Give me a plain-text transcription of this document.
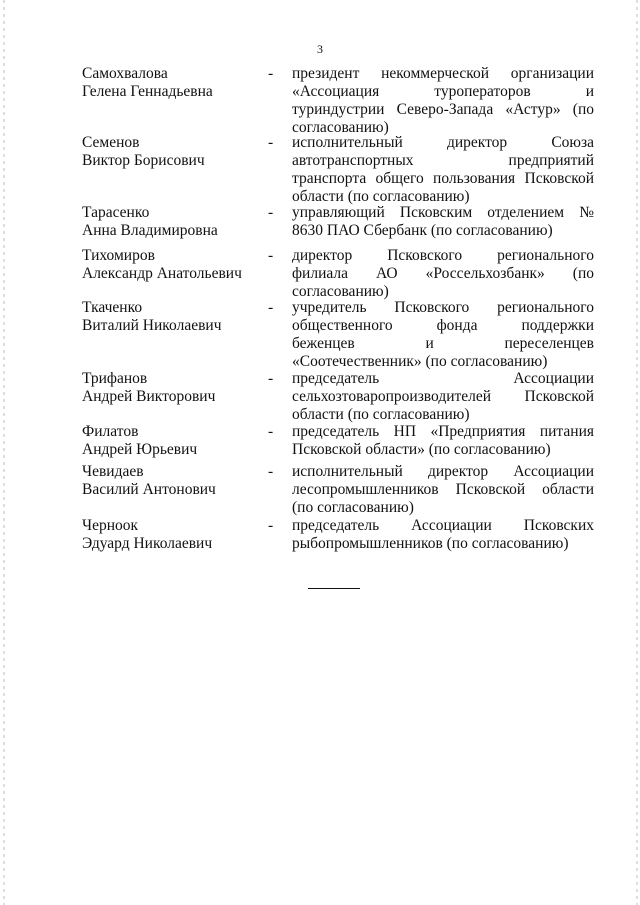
3
Самохвалова
Гелена Геннадьевна
-	президент некоммерческой организации
«Ассоциация туроператоров и
туриндустрии Северо-Запада «Астур» (по
согласованию)
Семенов
Виктор Борисович
-	исполнительный директор Союза
автотранспортных предприятий
транспорта общего пользования Псковской
области (по согласованию)
Тарасенко
Анна Владимировна
-	управляющий Псковским отделением №
8630 ПАО Сбербанк (по согласованию)
Тихомиров
Александр Анатольевич
-	директор Псковского регионального
филиала АО «Россельхозбанк» (по
согласованию)
Ткаченко
Виталий Николаевич
-	учредитель Псковского регионального
общественного фонда поддержки
беженцев и переселенцев
«Соотечественник» (по согласованию)
Трифанов
Андрей Викторович
-	председатель Ассоциации
сельхозтоваропроизводителей Псковской
области (по согласованию)
Филатов
Андрей Юрьевич
-	председатель НП «Предприятия питания
Псковской области» (по согласованию)
Чевидаев
Василий Антонович
-	исполнительный директор Ассоциации
лесопромышленников Псковской области
(по согласованию)
Черноок
Эдуард Николаевич
-	председатель Ассоциации Псковских
рыбопромышленников (по согласованию)
